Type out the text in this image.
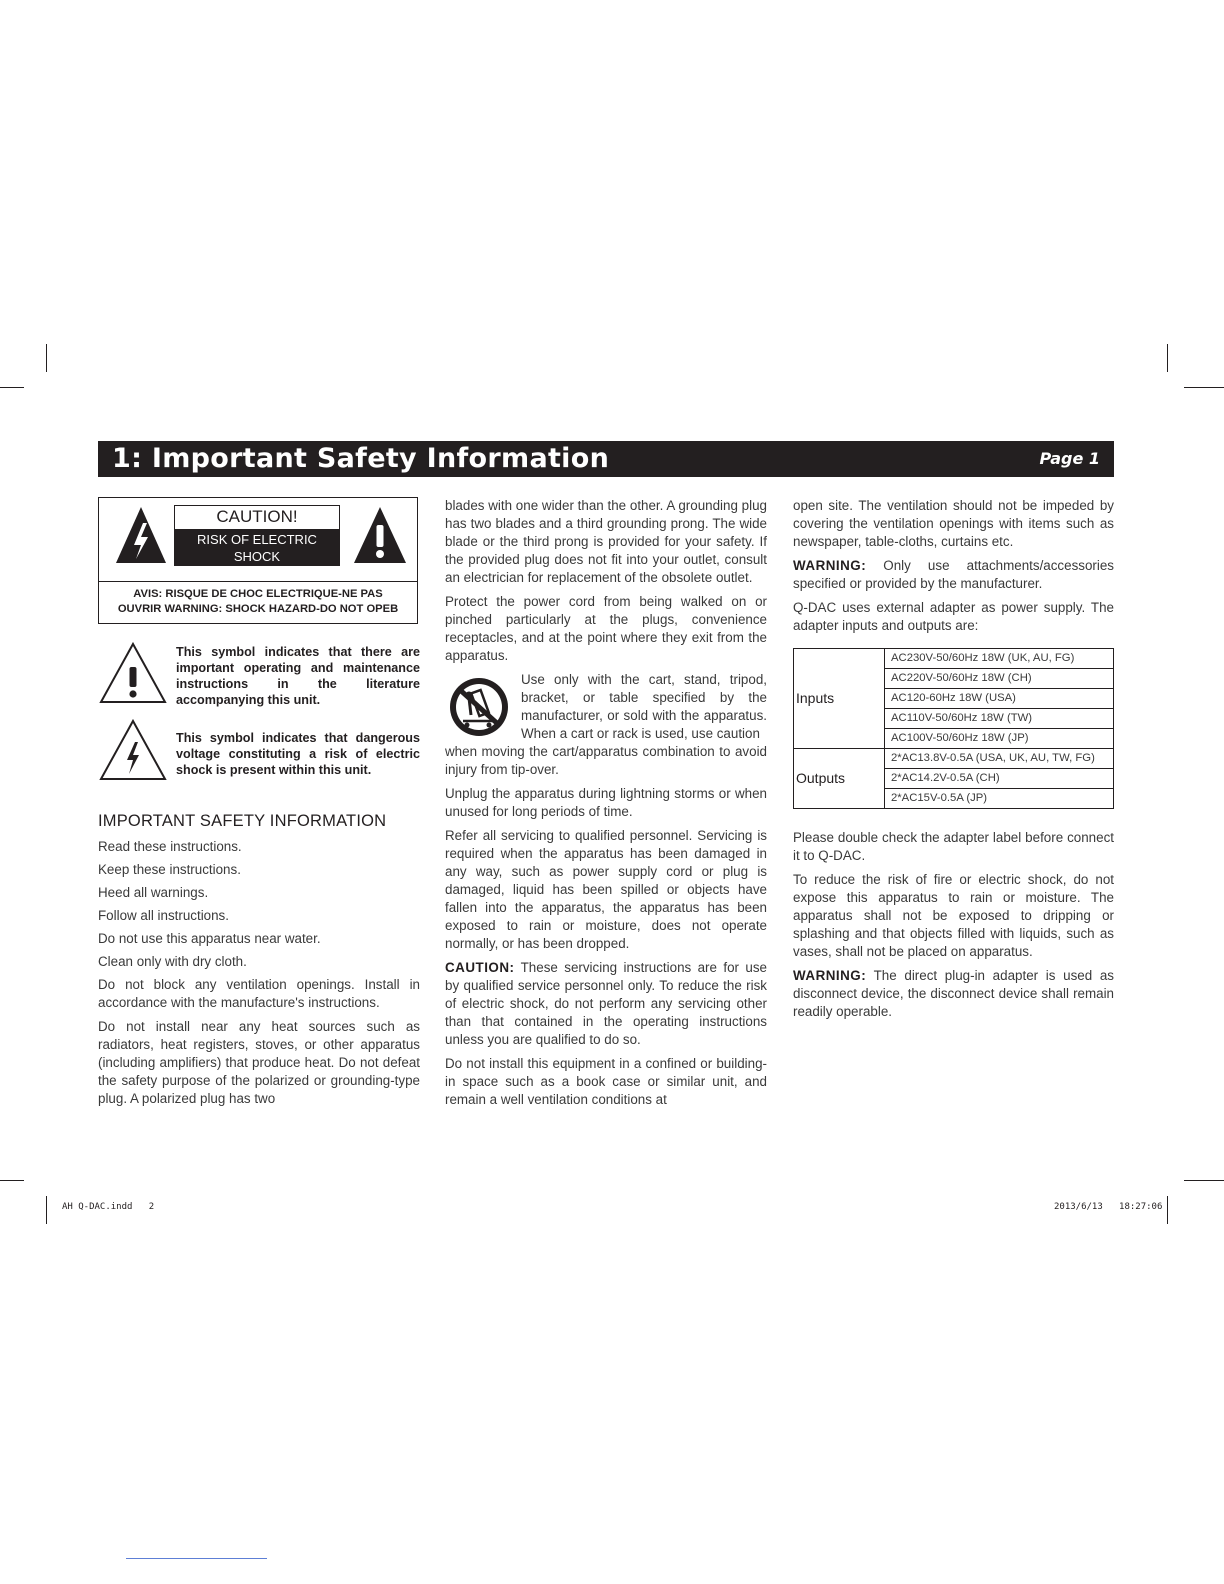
1: Important Safety Information	Page 1
CAUTION!
RISK OF ELECTRIC SHOCK
DO NOT OPEN
AVIS: RISQUE DE CHOC ELECTRIQUE-NE PAS
OUVRIR WARNING: SHOCK HAZARD-DO NOT OPEB
This symbol indicates that there are important operating and maintenance instructions in the literature accompanying this unit.
This symbol indicates that dangerous voltage constituting a risk of electric shock is present within this unit.
IMPORTANT SAFETY INFORMATION

Read these instructions.

Keep these instructions.

Heed all warnings.

Follow all instructions.

Do not use this apparatus near water.

Clean only with dry cloth.

Do not block any ventilation openings. Install in accordance with the manufacture's instructions.

Do not install near any heat sources such as radiators, heat registers, stoves, or other apparatus (including amplifiers) that produce heat. Do not defeat the safety purpose of the polarized or grounding-type plug. A polarized plug has two

blades with one wider than the other. A grounding plug has two blades and a third grounding prong. The wide blade or the third prong is provided for your safety. If the provided plug does not fit into your outlet, consult an electrician for replacement of the obsolete outlet.

Protect the power cord from being walked on or pinched particularly at the plugs, convenience receptacles, and at the point where they exit from the apparatus.

Use only with the cart, stand, tripod, bracket, or table specified by the manufacturer, or sold with the apparatus. When a cart or rack is used, use caution

when moving the cart/apparatus combination to avoid injury from tip-over.

Unplug the apparatus during lightning storms or when unused for long periods of time.

Refer all servicing to qualified personnel. Servicing is required when the apparatus has been damaged in any way, such as power supply cord or plug is damaged, liquid has been spilled or objects have fallen into the apparatus, the apparatus has been exposed to rain or moisture, does not operate normally, or has been dropped.

CAUTION: These servicing instructions are for use by qualified service personnel only. To reduce the risk of electric shock, do not perform any servicing other than that contained in the operating instructions unless you are qualified to do so.

Do not install this equipment in a confined or building-in space such as a book case or similar unit, and remain a well ventilation conditions at

open site. The ventilation should not be impeded by covering the ventilation openings with items such as newspaper, table-cloths, curtains etc.

WARNING: Only use attachments/accessories specified or provided by the manufacturer.

Q-DAC uses external adapter as power supply. The adapter inputs and outputs are:

Please double check the adapter label before connect it to Q-DAC.

To reduce the risk of fire or electric shock, do not expose this apparatus to rain or moisture. The apparatus shall not be exposed to dripping or splashing and that objects filled with liquids, such as vases, shall not be placed on apparatus.

WARNING: The direct plug-in adapter is used as disconnect device, the disconnect device shall remain readily operable.

Inputs	AC230V-50/60Hz 18W (UK, AU, FG)
	AC220V-50/60Hz 18W (CH)
	AC120-60Hz 18W (USA)
	AC110V-50/60Hz 18W (TW)
	AC100V-50/60Hz 18W (JP)
Outputs	2*AC13.8V-0.5A (USA, UK, AU, TW, FG)
	2*AC14.2V-0.5A (CH)
	2*AC15V-0.5A (JP)
AH Q-DAC.indd   2	2013/6/13   18:27:06
